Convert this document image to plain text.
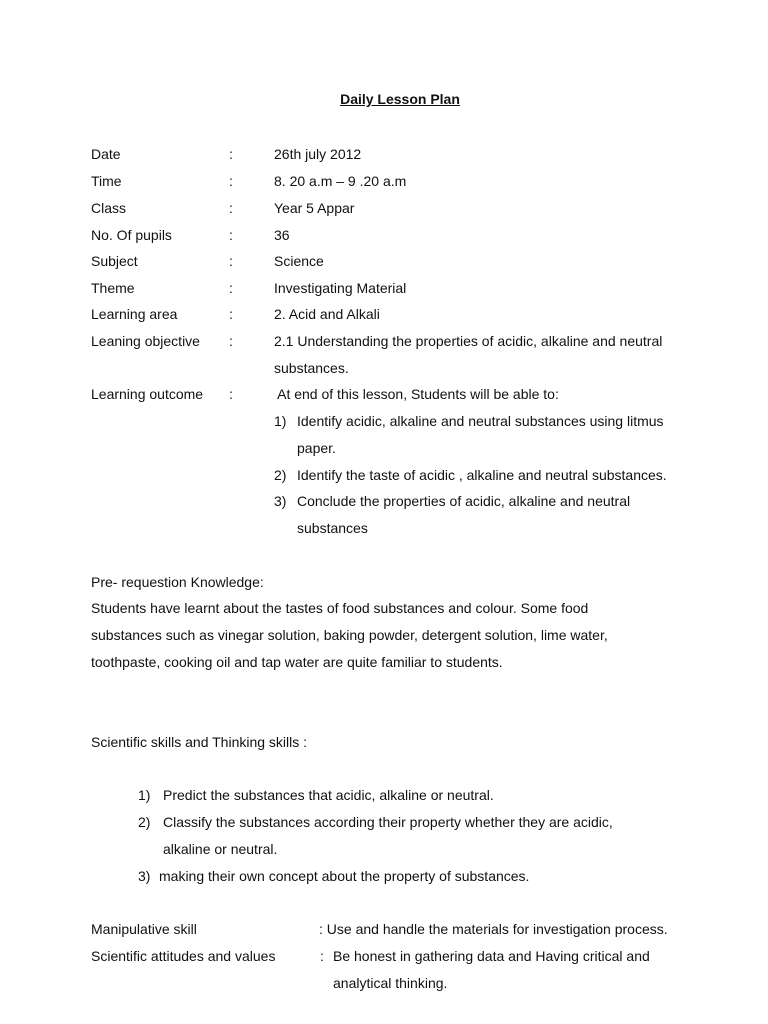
Daily Lesson Plan
Date	:	26th july 2012
Time	:	8. 20 a.m – 9 .20 a.m
Class	:	Year 5 Appar
No. Of pupils	:	36
Subject	:	Science
Theme	:	Investigating Material
Learning area	:	2. Acid and Alkali
Leaning objective :	2.1 Understanding the properties of acidic, alkaline and neutral
substances.
Learning outcome :	At end of this lesson, Students will be able to:
1) Identify acidic, alkaline and neutral substances using litmus
paper.
2) Identify the taste of acidic , alkaline and neutral substances.
3) Conclude the properties of acidic, alkaline and neutral
substances
Pre- requestion Knowledge:
Students have learnt about the tastes of food substances and colour. Some food
substances such as vinegar solution, baking powder, detergent solution, lime water,
toothpaste, cooking oil and tap water are quite familiar to students.
Scientific skills and Thinking skills :
1) Predict the substances that acidic, alkaline or neutral.
2) Classify the substances according their property whether they are acidic,
alkaline or neutral.
3) making their own concept about the property of substances.
Manipulative skill	: Use and handle the materials for investigation process.
Scientific attitudes and values	: Be honest in gathering data and Having critical and
analytical thinking.
